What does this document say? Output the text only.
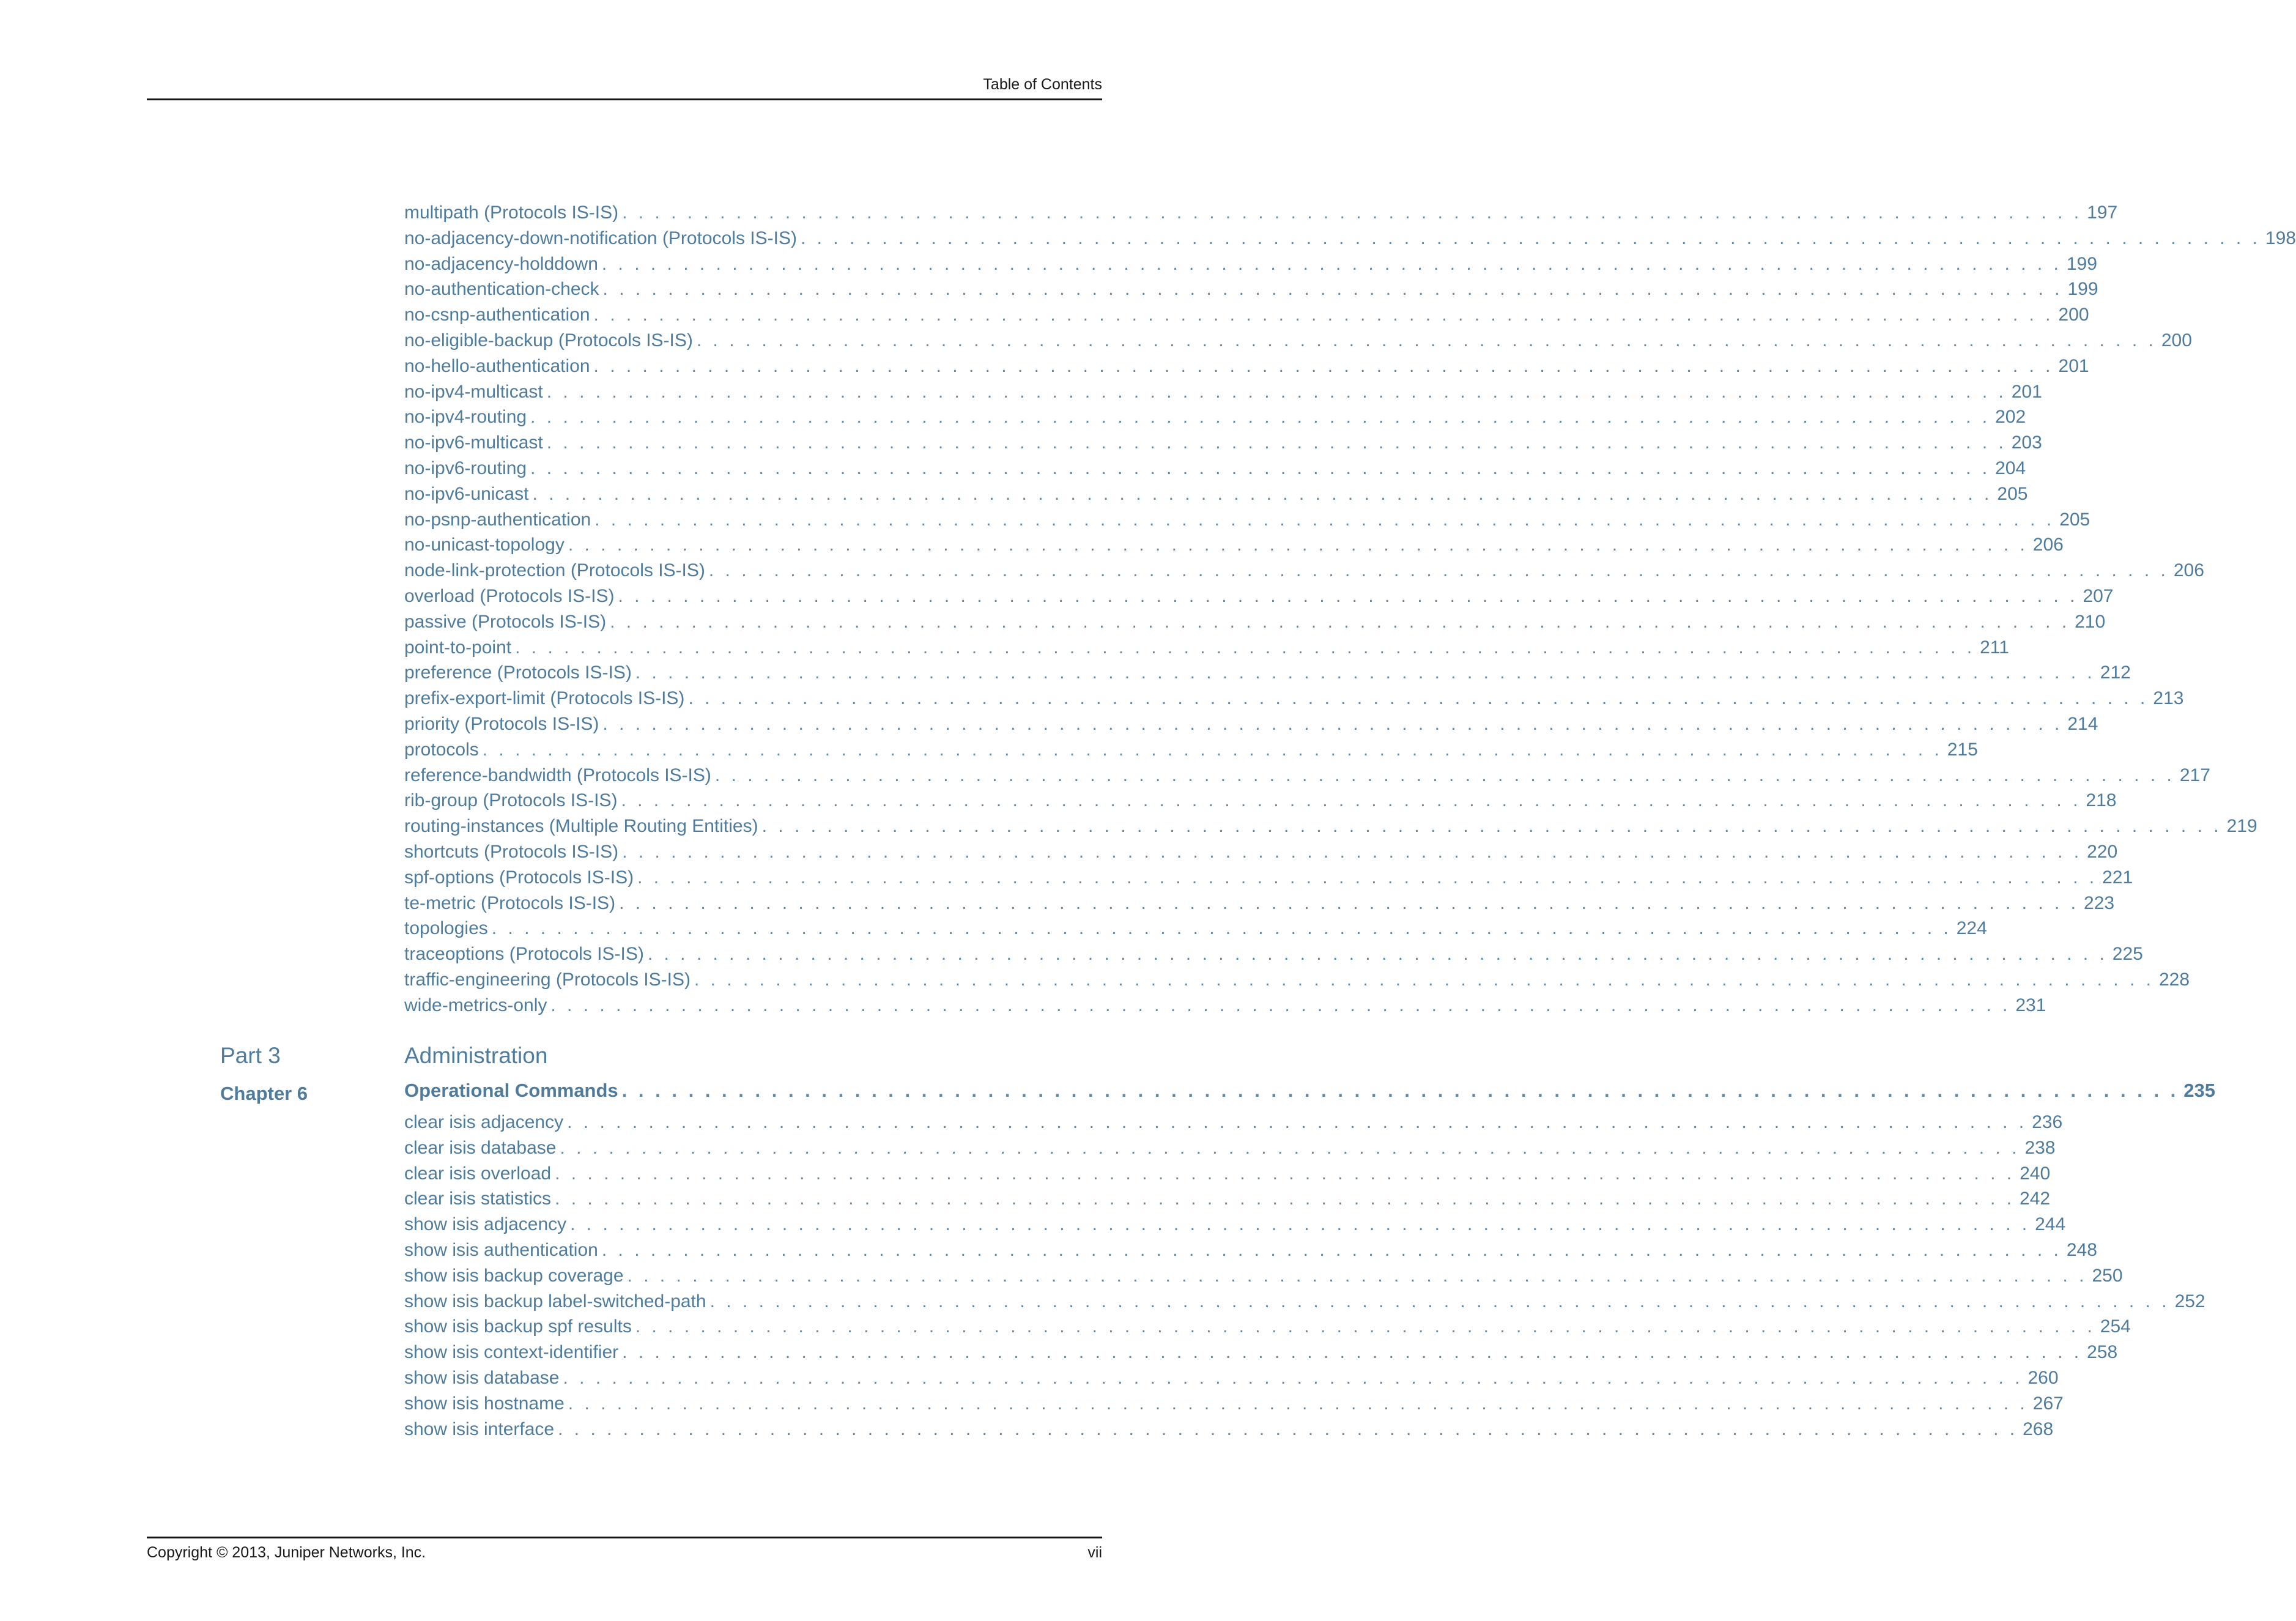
Table of Contents
multipath (Protocols IS-IS) . . . . . . . . . . . . . . . . . . . . . . . . . . . . . . . . . . . . . . . . . . . . . . . . . . . . . . . . . . . . . . . . . . . . . . . . . . . . . . . . . . . . . . . . . . 197
no-adjacency-down-notification (Protocols IS-IS) . . . . . . . . . . . . . . . . . . . . . . . . . . . . . . . . . . . . . . . . . . . . . . . . . . . . . . . . . . . . . . . . . . . . . . . . . . . . . . . . . . . . . . . . . . 198
no-adjacency-holddown . . . . . . . . . . . . . . . . . . . . . . . . . . . . . . . . . . . . . . . . . . . . . . . . . . . . . . . . . . . . . . . . . . . . . . . . . . . . . . . . . . . . . . . . . . 199
no-authentication-check . . . . . . . . . . . . . . . . . . . . . . . . . . . . . . . . . . . . . . . . . . . . . . . . . . . . . . . . . . . . . . . . . . . . . . . . . . . . . . . . . . . . . . . . . . 199
no-csnp-authentication . . . . . . . . . . . . . . . . . . . . . . . . . . . . . . . . . . . . . . . . . . . . . . . . . . . . . . . . . . . . . . . . . . . . . . . . . . . . . . . . . . . . . . . . . . 200
no-eligible-backup (Protocols IS-IS) . . . . . . . . . . . . . . . . . . . . . . . . . . . . . . . . . . . . . . . . . . . . . . . . . . . . . . . . . . . . . . . . . . . . . . . . . . . . . . . . . . . . . . . . . . 200
no-hello-authentication . . . . . . . . . . . . . . . . . . . . . . . . . . . . . . . . . . . . . . . . . . . . . . . . . . . . . . . . . . . . . . . . . . . . . . . . . . . . . . . . . . . . . . . . . . 201
no-ipv4-multicast . . . . . . . . . . . . . . . . . . . . . . . . . . . . . . . . . . . . . . . . . . . . . . . . . . . . . . . . . . . . . . . . . . . . . . . . . . . . . . . . . . . . . . . . . . 201
no-ipv4-routing . . . . . . . . . . . . . . . . . . . . . . . . . . . . . . . . . . . . . . . . . . . . . . . . . . . . . . . . . . . . . . . . . . . . . . . . . . . . . . . . . . . . . . . . . . 202
no-ipv6-multicast . . . . . . . . . . . . . . . . . . . . . . . . . . . . . . . . . . . . . . . . . . . . . . . . . . . . . . . . . . . . . . . . . . . . . . . . . . . . . . . . . . . . . . . . . . 203
no-ipv6-routing . . . . . . . . . . . . . . . . . . . . . . . . . . . . . . . . . . . . . . . . . . . . . . . . . . . . . . . . . . . . . . . . . . . . . . . . . . . . . . . . . . . . . . . . . . 204
no-ipv6-unicast . . . . . . . . . . . . . . . . . . . . . . . . . . . . . . . . . . . . . . . . . . . . . . . . . . . . . . . . . . . . . . . . . . . . . . . . . . . . . . . . . . . . . . . . . . 205
no-psnp-authentication . . . . . . . . . . . . . . . . . . . . . . . . . . . . . . . . . . . . . . . . . . . . . . . . . . . . . . . . . . . . . . . . . . . . . . . . . . . . . . . . . . . . . . . . . . 205
no-unicast-topology . . . . . . . . . . . . . . . . . . . . . . . . . . . . . . . . . . . . . . . . . . . . . . . . . . . . . . . . . . . . . . . . . . . . . . . . . . . . . . . . . . . . . . . . . . 206
node-link-protection (Protocols IS-IS) . . . . . . . . . . . . . . . . . . . . . . . . . . . . . . . . . . . . . . . . . . . . . . . . . . . . . . . . . . . . . . . . . . . . . . . . . . . . . . . . . . . . . . . . . . 206
overload (Protocols IS-IS) . . . . . . . . . . . . . . . . . . . . . . . . . . . . . . . . . . . . . . . . . . . . . . . . . . . . . . . . . . . . . . . . . . . . . . . . . . . . . . . . . . . . . . . . . . 207
passive (Protocols IS-IS) . . . . . . . . . . . . . . . . . . . . . . . . . . . . . . . . . . . . . . . . . . . . . . . . . . . . . . . . . . . . . . . . . . . . . . . . . . . . . . . . . . . . . . . . . . 210
point-to-point . . . . . . . . . . . . . . . . . . . . . . . . . . . . . . . . . . . . . . . . . . . . . . . . . . . . . . . . . . . . . . . . . . . . . . . . . . . . . . . . . . . . . . . . . . 211
preference (Protocols IS-IS) . . . . . . . . . . . . . . . . . . . . . . . . . . . . . . . . . . . . . . . . . . . . . . . . . . . . . . . . . . . . . . . . . . . . . . . . . . . . . . . . . . . . . . . . . . 212
prefix-export-limit (Protocols IS-IS) . . . . . . . . . . . . . . . . . . . . . . . . . . . . . . . . . . . . . . . . . . . . . . . . . . . . . . . . . . . . . . . . . . . . . . . . . . . . . . . . . . . . . . . . . . 213
priority (Protocols IS-IS) . . . . . . . . . . . . . . . . . . . . . . . . . . . . . . . . . . . . . . . . . . . . . . . . . . . . . . . . . . . . . . . . . . . . . . . . . . . . . . . . . . . . . . . . . . 214
protocols . . . . . . . . . . . . . . . . . . . . . . . . . . . . . . . . . . . . . . . . . . . . . . . . . . . . . . . . . . . . . . . . . . . . . . . . . . . . . . . . . . . . . . . . . . 215
reference-bandwidth (Protocols IS-IS) . . . . . . . . . . . . . . . . . . . . . . . . . . . . . . . . . . . . . . . . . . . . . . . . . . . . . . . . . . . . . . . . . . . . . . . . . . . . . . . . . . . . . . . . . . 217
rib-group (Protocols IS-IS) . . . . . . . . . . . . . . . . . . . . . . . . . . . . . . . . . . . . . . . . . . . . . . . . . . . . . . . . . . . . . . . . . . . . . . . . . . . . . . . . . . . . . . . . . . 218
routing-instances (Multiple Routing Entities) . . . . . . . . . . . . . . . . . . . . . . . . . . . . . . . . . . . . . . . . . . . . . . . . . . . . . . . . . . . . . . . . . . . . . . . . . . . . . . . . . . . . . . . . . . 219
shortcuts (Protocols IS-IS) . . . . . . . . . . . . . . . . . . . . . . . . . . . . . . . . . . . . . . . . . . . . . . . . . . . . . . . . . . . . . . . . . . . . . . . . . . . . . . . . . . . . . . . . . . 220
spf-options (Protocols IS-IS) . . . . . . . . . . . . . . . . . . . . . . . . . . . . . . . . . . . . . . . . . . . . . . . . . . . . . . . . . . . . . . . . . . . . . . . . . . . . . . . . . . . . . . . . . . 221
te-metric (Protocols IS-IS) . . . . . . . . . . . . . . . . . . . . . . . . . . . . . . . . . . . . . . . . . . . . . . . . . . . . . . . . . . . . . . . . . . . . . . . . . . . . . . . . . . . . . . . . . . 223
topologies . . . . . . . . . . . . . . . . . . . . . . . . . . . . . . . . . . . . . . . . . . . . . . . . . . . . . . . . . . . . . . . . . . . . . . . . . . . . . . . . . . . . . . . . . . 224
traceoptions (Protocols IS-IS) . . . . . . . . . . . . . . . . . . . . . . . . . . . . . . . . . . . . . . . . . . . . . . . . . . . . . . . . . . . . . . . . . . . . . . . . . . . . . . . . . . . . . . . . . . 225
traffic-engineering (Protocols IS-IS) . . . . . . . . . . . . . . . . . . . . . . . . . . . . . . . . . . . . . . . . . . . . . . . . . . . . . . . . . . . . . . . . . . . . . . . . . . . . . . . . . . . . . . . . . . 228
wide-metrics-only . . . . . . . . . . . . . . . . . . . . . . . . . . . . . . . . . . . . . . . . . . . . . . . . . . . . . . . . . . . . . . . . . . . . . . . . . . . . . . . . . . . . . . . . . . 231
Part 3	Administration
Chapter 6	Operational Commands . . . . . . . . . . . . . . . . . . . . . . . . . . . . . . . . . . . . . . . . . . . . . . . . . . . . . . . . . . . . . . . . . . . . . . . . . . . . . . . . . . . . . . . . . . . . . . 235
clear isis adjacency . . . . . . . . . . . . . . . . . . . . . . . . . . . . . . . . . . . . . . . . . . . . . . . . . . . . . . . . . . . . . . . . . . . . . . . . . . . . . . . . . . . . . . . . . . 236
clear isis database . . . . . . . . . . . . . . . . . . . . . . . . . . . . . . . . . . . . . . . . . . . . . . . . . . . . . . . . . . . . . . . . . . . . . . . . . . . . . . . . . . . . . . . . . . 238
clear isis overload . . . . . . . . . . . . . . . . . . . . . . . . . . . . . . . . . . . . . . . . . . . . . . . . . . . . . . . . . . . . . . . . . . . . . . . . . . . . . . . . . . . . . . . . . . 240
clear isis statistics . . . . . . . . . . . . . . . . . . . . . . . . . . . . . . . . . . . . . . . . . . . . . . . . . . . . . . . . . . . . . . . . . . . . . . . . . . . . . . . . . . . . . . . . . . 242
show isis adjacency . . . . . . . . . . . . . . . . . . . . . . . . . . . . . . . . . . . . . . . . . . . . . . . . . . . . . . . . . . . . . . . . . . . . . . . . . . . . . . . . . . . . . . . . . . 244
show isis authentication . . . . . . . . . . . . . . . . . . . . . . . . . . . . . . . . . . . . . . . . . . . . . . . . . . . . . . . . . . . . . . . . . . . . . . . . . . . . . . . . . . . . . . . . . . 248
show isis backup coverage . . . . . . . . . . . . . . . . . . . . . . . . . . . . . . . . . . . . . . . . . . . . . . . . . . . . . . . . . . . . . . . . . . . . . . . . . . . . . . . . . . . . . . . . . . 250
show isis backup label-switched-path . . . . . . . . . . . . . . . . . . . . . . . . . . . . . . . . . . . . . . . . . . . . . . . . . . . . . . . . . . . . . . . . . . . . . . . . . . . . . . . . . . . . . . . . . . 252
show isis backup spf results . . . . . . . . . . . . . . . . . . . . . . . . . . . . . . . . . . . . . . . . . . . . . . . . . . . . . . . . . . . . . . . . . . . . . . . . . . . . . . . . . . . . . . . . . . 254
show isis context-identifier . . . . . . . . . . . . . . . . . . . . . . . . . . . . . . . . . . . . . . . . . . . . . . . . . . . . . . . . . . . . . . . . . . . . . . . . . . . . . . . . . . . . . . . . . . 258
show isis database . . . . . . . . . . . . . . . . . . . . . . . . . . . . . . . . . . . . . . . . . . . . . . . . . . . . . . . . . . . . . . . . . . . . . . . . . . . . . . . . . . . . . . . . . . 260
show isis hostname . . . . . . . . . . . . . . . . . . . . . . . . . . . . . . . . . . . . . . . . . . . . . . . . . . . . . . . . . . . . . . . . . . . . . . . . . . . . . . . . . . . . . . . . . . 267
show isis interface . . . . . . . . . . . . . . . . . . . . . . . . . . . . . . . . . . . . . . . . . . . . . . . . . . . . . . . . . . . . . . . . . . . . . . . . . . . . . . . . . . . . . . . . . . 268
Copyright © 2013, Juniper Networks, Inc.	vii
